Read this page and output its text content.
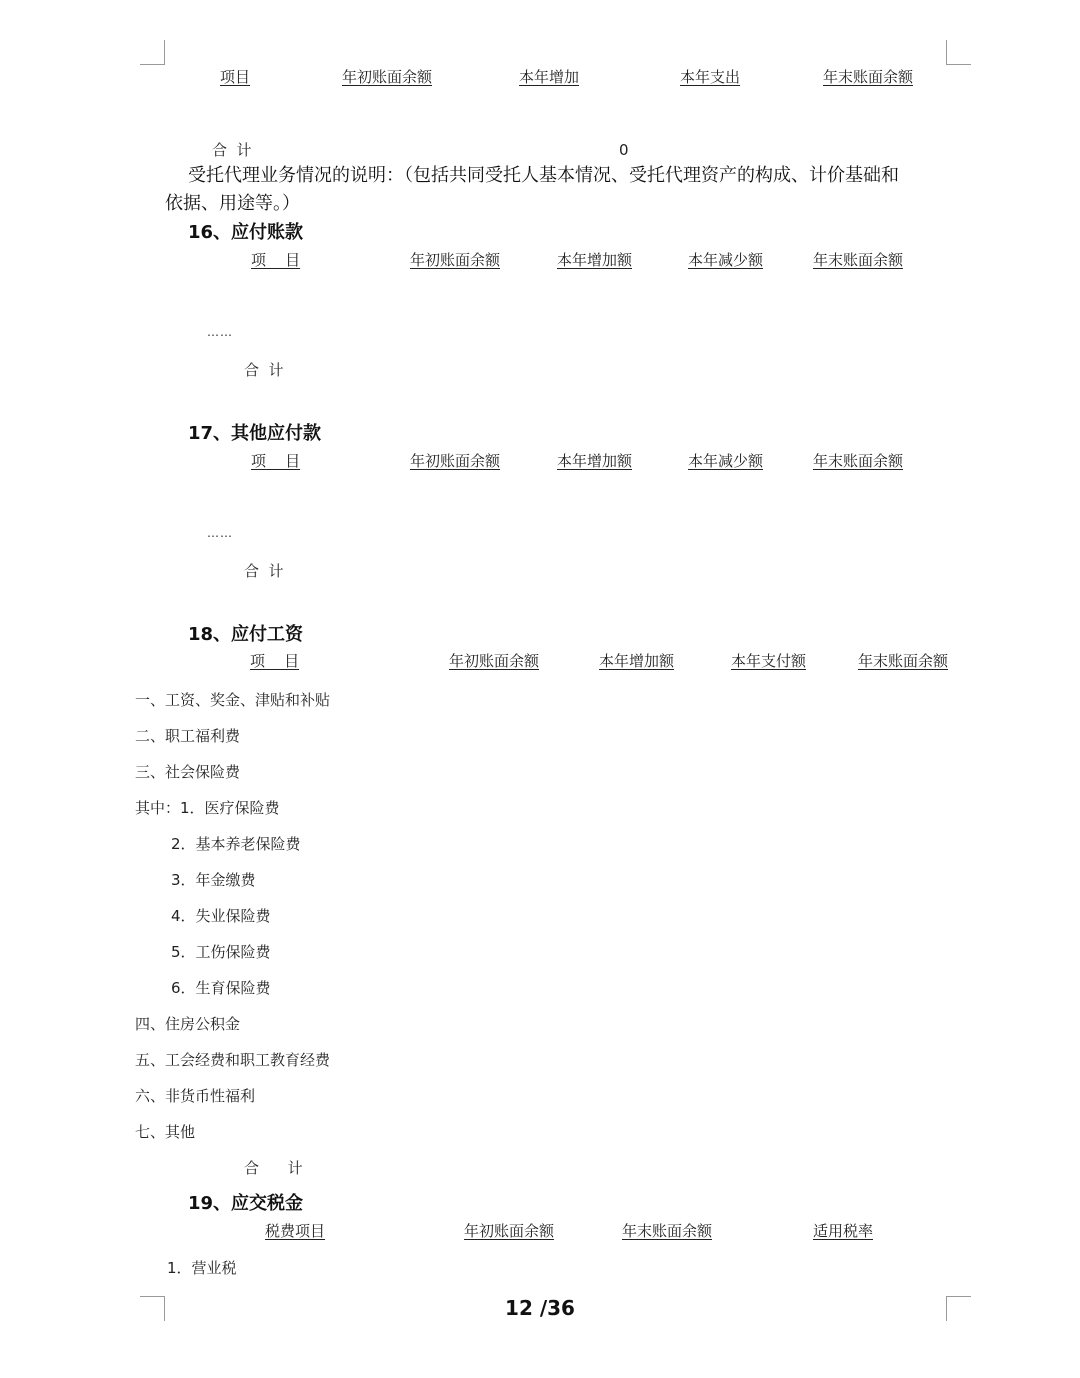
项目	年初账面余额	本年增加	本年支出	年末账面余额
合  计	0
受托代理业务情况的说明：（包括共同受托人基本情况、受托代理资产的构成、计价基础和
依据、用途等。）
16、应付账款
项    目	年初账面余额	本年增加额	本年减少额	年末账面余额
……
合  计
17、其他应付款
项    目	年初账面余额	本年增加额	本年减少额	年末账面余额
……
合  计
18、应付工资
项    目	年初账面余额	本年增加额	本年支付额	年末账面余额
一、工资、奖金、津贴和补贴
二、职工福利费
三、社会保险费
其中：1．医疗保险费
2．基本养老保险费
3．年金缴费
4．失业保险费
5．工伤保险费
6．生育保险费
四、住房公积金
五、工会经费和职工教育经费
六、非货币性福利
七、其他
合      计
19、应交税金
税费项目	年初账面余额	年末账面余额	适用税率
1．营业税
12 /36
